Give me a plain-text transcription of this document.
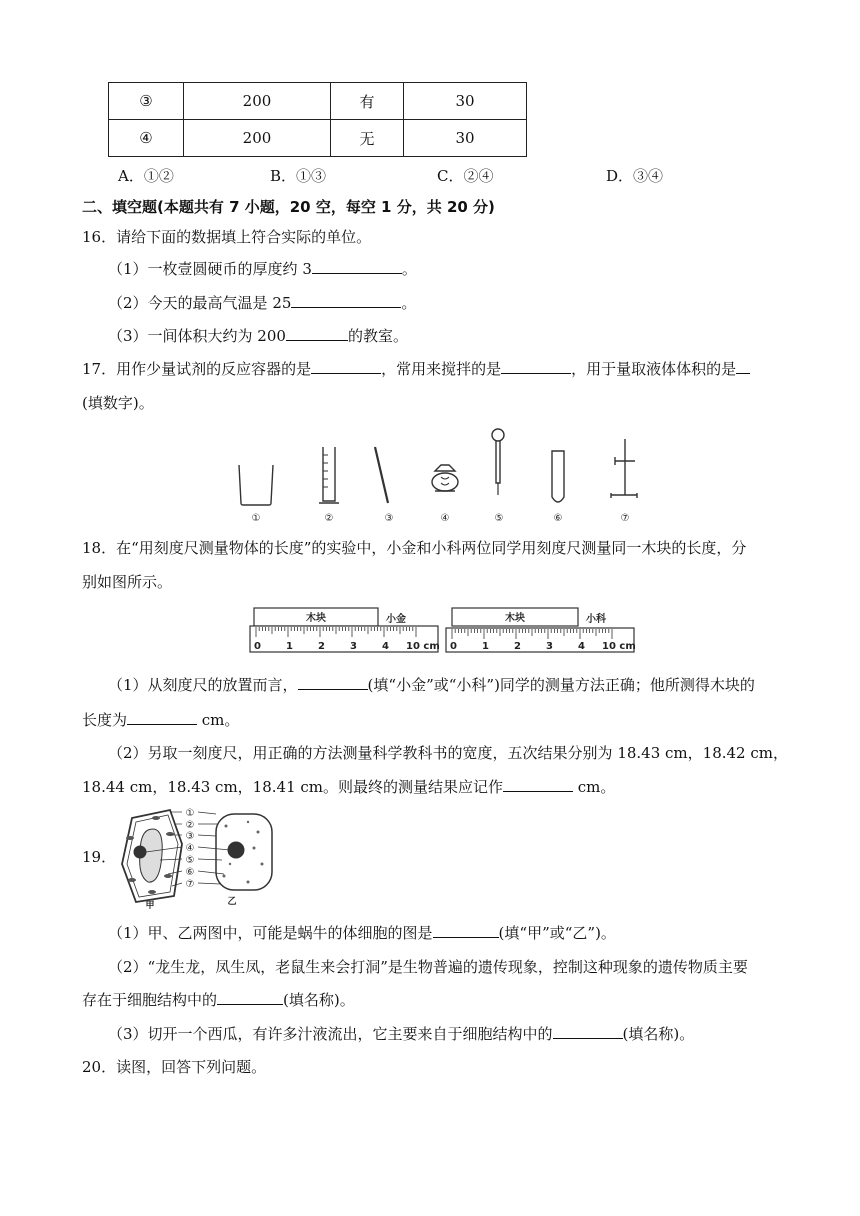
③	200	有	30
④	200	无	30
A．①②	B．①③	C．②④	D．③④
二、填空题(本题共有 7 小题，20 空，每空 1 分，共 20 分)
16．请给下面的数据填上符合实际的单位。
（1）一枚壹圆硬币的厚度约 3	。
（2）今天的最高气温是 25	。
（3）一间体积大约为 200	的教室。
17．用作少量试剂的反应容器的是	，常用来搅拌的是	，用于量取液体体积的是
(填数字)。
①	②	③	④	⑤	⑥	⑦
18．在“用刻度尺测量物体的长度”的实验中，小金和小科两位同学用刻度尺测量同一木块的长度，分
别如图所示。
木块	小金
0	1	2	3	4 10 cm
木块	小科
0	1	2	3	4 10 cm
（1）从刻度尺的放置而言，	(填“小金”或“小科”)同学的测量方法正确；他所测得木块的
长度为	cm。
（2）另取一刻度尺，用正确的方法测量科学教科书的宽度，五次结果分别为 18.43 cm，18.42 cm，
18.44 cm，18.43 cm，18.41 cm。则最终的测量结果应记作	cm。
19．
①
②
③
④
⑤
⑥
⑦
甲	乙
（1）甲、乙两图中，可能是蜗牛的体细胞的图是	(填“甲”或“乙”)。
（2）“龙生龙，凤生凤，老鼠生来会打洞”是生物普遍的遗传现象，控制这种现象的遗传物质主要
存在于细胞结构中的	(填名称)。
（3）切开一个西瓜，有许多汁液流出，它主要来自于细胞结构中的	(填名称)。
20．读图，回答下列问题。
